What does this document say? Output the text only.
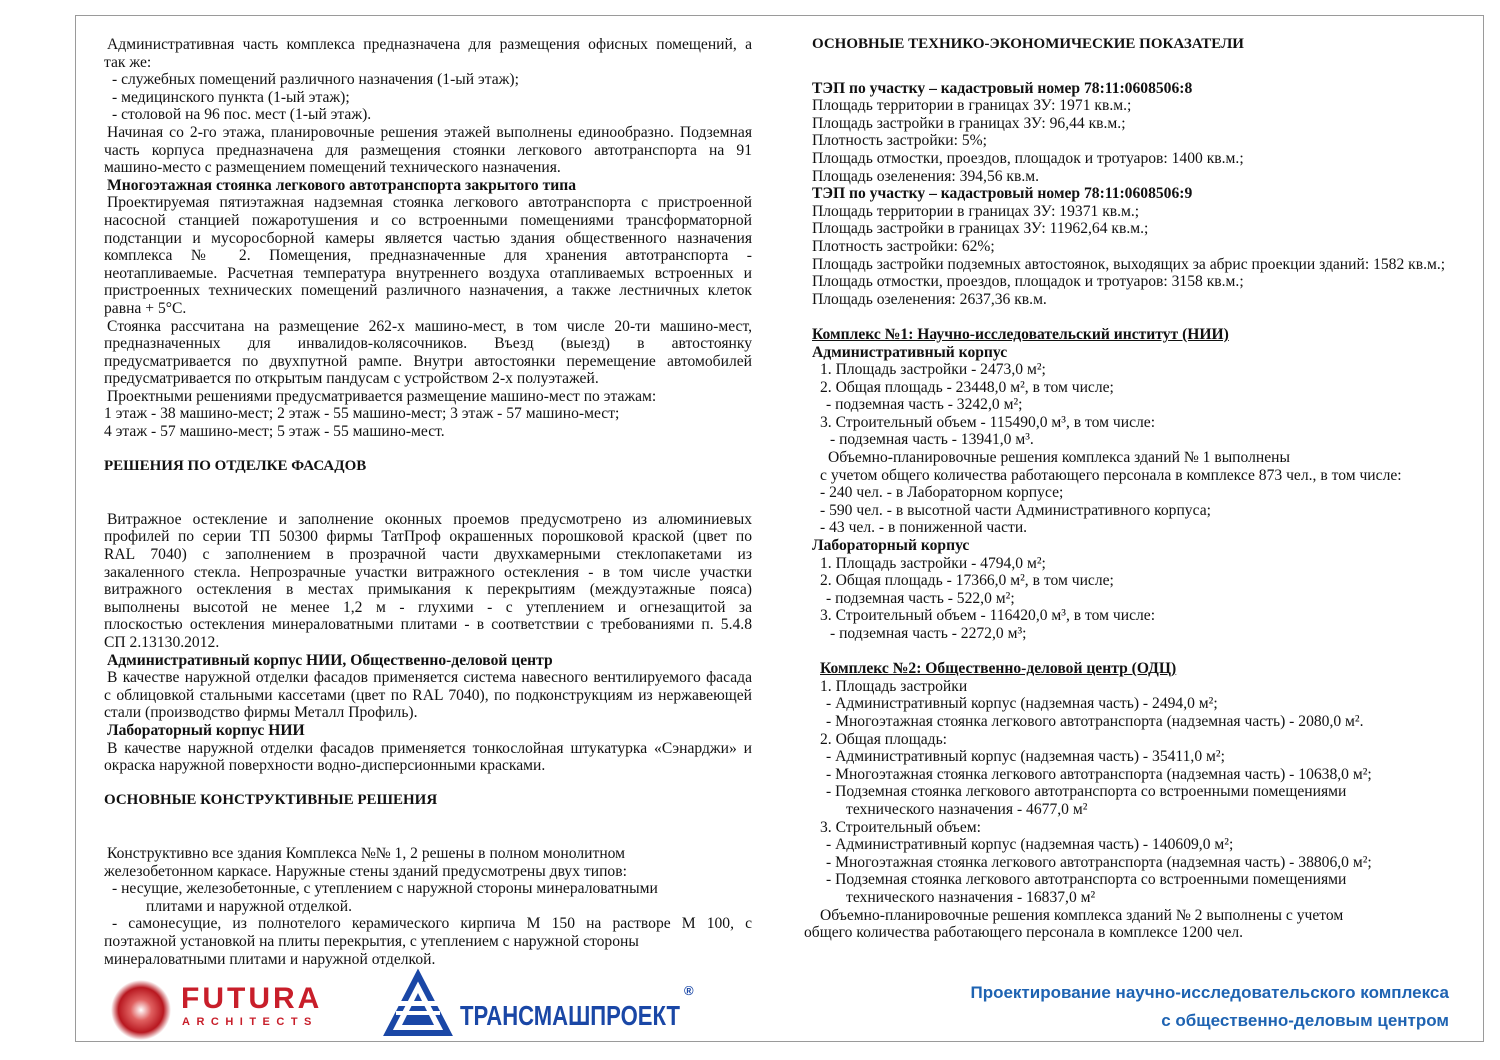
Административная часть комплекса предназначена для размещения офисных помещений, а

так же:

- служебных помещений различного назначения (1-ый этаж);

- медицинского пункта (1-ый этаж);

- столовой на 96 пос. мест (1-ый этаж).

Начиная со 2-го этажа, планировочные решения этажей выполнены единообразно. Подземная

часть корпуса предназначена для размещения стоянки легкового автотранспорта на 91

машино-место с размещением помещений технического назначения.

Многоэтажная стоянка легкового автотранспорта закрытого типа

Проектируемая пятиэтажная надземная стоянка легкового автотранспорта с пристроенной

насосной станцией пожаротушения и со встроенными помещениями трансформаторной

подстанции и мусоросборной камеры является частью здания общественного назначения

комплекса № 2. Помещения, предназначенные для хранения автотранспорта -

неотапливаемые. Расчетная температура внутреннего воздуха отапливаемых встроенных и

пристроенных технических помещений различного назначения, а также лестничных клеток

равна + 5°C.

Стоянка рассчитана на размещение 262-х машино-мест, в том числе 20-ти машино-мест,

предназначенных для инвалидов-колясочников. Въезд (выезд) в автостоянку

предусматривается по двухпутной рампе. Внутри автостоянки перемещение автомобилей

предусматривается по открытым пандусам с устройством 2-х полуэтажей.

Проектными решениями предусматривается размещение машино-мест по этажам:

1 этаж - 38 машино-мест; 2 этаж - 55 машино-мест; 3 этаж - 57 машино-мест;

4 этаж - 57 машино-мест; 5 этаж - 55 машино-мест.

РЕШЕНИЯ ПО ОТДЕЛКЕ ФАСАДОВ

Витражное остекление и заполнение оконных проемов предусмотрено из алюминиевых

профилей по серии ТП 50300 фирмы ТатПроф окрашенных порошковой краской (цвет по

RAL 7040) с заполнением в прозрачной части двухкамерными стеклопакетами из

закаленного стекла. Непрозрачные участки витражного остекления - в том числе участки

витражного остекления в местах примыкания к перекрытиям (междуэтажные пояса)

выполнены высотой не менее 1,2 м - глухими - с утеплением и огнезащитой за

плоскостью остекления минераловатными плитами - в соответствии с требованиями п. 5.4.8

СП 2.13130.2012.

Административный корпус НИИ, Общественно-деловой центр

В качестве наружной отделки фасадов применяется система навесного вентилируемого фасада

с облицовкой стальными кассетами (цвет по RAL 7040), по подконструкциям из нержавеющей

стали (производство фирмы Металл Профиль).

Лабораторный корпус НИИ

В качестве наружной отделки фасадов применяется тонкослойная штукатурка «Сэнарджи» и

окраска наружной поверхности водно-дисперсионными красками.

ОСНОВНЫЕ КОНСТРУКТИВНЫЕ РЕШЕНИЯ

Конструктивно все здания Комплекса №№ 1, 2 решены в полном монолитном

железобетонном каркасе. Наружные стены зданий предусмотрены двух типов:

- несущие, железобетонные, с утеплением с наружной стороны минераловатными

плитами и наружной отделкой.

- самонесущие, из полнотелого керамического кирпича М 150 на растворе М 100, с

поэтажной установкой на плиты перекрытия, с утеплением с наружной стороны

минераловатными плитами и наружной отделкой.

ОСНОВНЫЕ ТЕХНИКО-ЭКОНОМИЧЕСКИЕ ПОКАЗАТЕЛИ

ТЭП по участку – кадастровый номер 78:11:0608506:8

Площадь территории в границах ЗУ: 1971 кв.м.;

Площадь застройки в границах ЗУ: 96,44 кв.м.;

Плотность застройки: 5%;

Площадь отмостки, проездов, площадок и тротуаров: 1400 кв.м.;

Площадь озеленения: 394,56 кв.м.

ТЭП по участку – кадастровый номер 78:11:0608506:9

Площадь территории в границах ЗУ: 19371 кв.м.;

Площадь застройки в границах ЗУ: 11962,64 кв.м.;

Плотность застройки: 62%;

Площадь застройки подземных автостоянок, выходящих за абрис проекции зданий: 1582 кв.м.;

Площадь отмостки, проездов, площадок и тротуаров: 3158 кв.м.;

Площадь озеленения: 2637,36 кв.м.

Комплекс №1: Научно-исследовательский институт (НИИ)

Административный корпус

1. Площадь застройки - 2473,0 м²;

2. Общая площадь - 23448,0 м², в том числе;

- подземная часть - 3242,0 м²;

3. Строительный объем - 115490,0 м³, в том числе:

- подземная часть - 13941,0 м³.

Объемно-планировочные решения комплекса зданий № 1 выполнены

с учетом общего количества работающего персонала в комплексе 873 чел., в том числе:

- 240 чел. - в Лабораторном корпусе;

- 590 чел. - в высотной части Административного корпуса;

- 43 чел. - в пониженной части.

Лабораторный корпус

1. Площадь застройки - 4794,0 м²;

2. Общая площадь - 17366,0 м², в том числе;

- подземная часть - 522,0 м²;

3. Строительный объем - 116420,0 м³, в том числе:

- подземная часть - 2272,0 м³;

Комплекс №2: Общественно-деловой центр (ОДЦ)

1. Площадь застройки

- Административный корпус (надземная часть) - 2494,0 м²;

- Многоэтажная стоянка легкового автотранспорта (надземная часть) - 2080,0 м².

2. Общая площадь:

- Административный корпус (надземная часть) - 35411,0 м²;

- Многоэтажная стоянка легкового автотранспорта (надземная часть) - 10638,0 м²;

- Подземная стоянка легкового автотранспорта со встроенными помещениями

технического назначения - 4677,0 м²

3. Строительный объем:

- Административный корпус (надземная часть) - 140609,0 м²;

- Многоэтажная стоянка легкового автотранспорта (надземная часть) - 38806,0 м²;

- Подземная стоянка легкового автотранспорта со встроенными помещениями

технического назначения - 16837,0 м²

Объемно-планировочные решения комплекса зданий № 2 выполнены с учетом

общего количества работающего персонала в комплексе 1200 чел.

FUTURA
ARCHITECTS	ТРАНСМАШПРОЕКТ
®	Проектирование научно-исследовательского комплекса
с общественно-деловым центром
